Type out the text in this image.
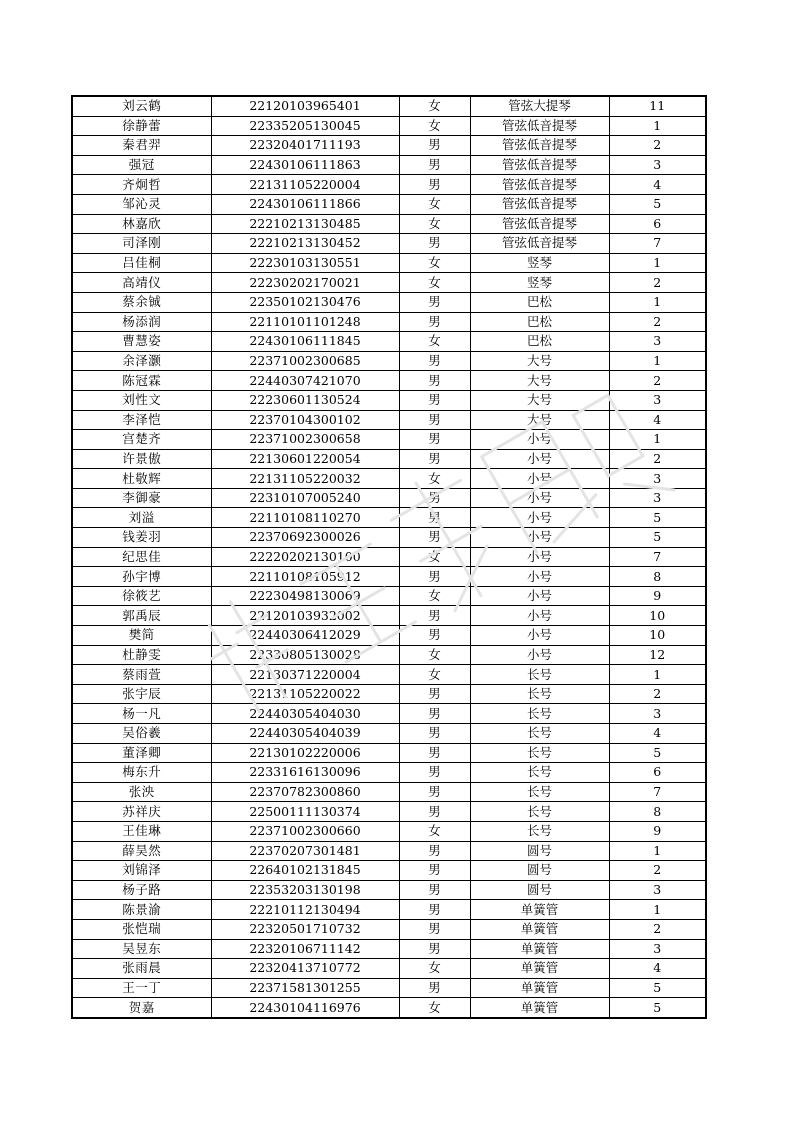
刘云鹤	22120103965401	女	管弦大提琴	11
徐静蕾	22335205130045	女	管弦低音提琴	1
秦君羿	22320401711193	男	管弦低音提琴	2
强冠	22430106111863	男	管弦低音提琴	3
齐炯哲	22131105220004	男	管弦低音提琴	4
邹沁灵	22430106111866	女	管弦低音提琴	5
林嘉欣	22210213130485	女	管弦低音提琴	6
司泽刚	22210213130452	男	管弦低音提琴	7
吕佳桐	22230103130551	女	竖琴	1
高靖仪	22230202170021	女	竖琴	2
蔡余铖	22350102130476	男	巴松	1
杨添润	22110101101248	男	巴松	2
曹慧姿	22430106111845	女	巴松	3
余泽灏	22371002300685	男	大号	1
陈冠霖	22440307421070	男	大号	2
刘性文	22230601130524	男	大号	3
李泽恺	22370104300102	男	大号	4
宫楚齐	22371002300658	男	小号	1
许景傲	22130601220054	男	小号	2
杜敬辉	22131105220032	女	小号	3
李御豪	22310107005240	男	小号	3
刘溢	22110108110270	男	小号	5
钱姜羽	22370692300026	男	小号	5
纪思佳	22220202130100	女	小号	7
孙宇博	22110108105912	男	小号	8
徐筱艺	22230498130069	女	小号	9
郭禹辰	22120103932002	男	小号	10
樊简	22440306412029	男	小号	10
杜静雯	22330805130028	女	小号	12
蔡雨萱	22130371220004	女	长号	1
张宇辰	22131105220022	男	长号	2
杨一凡	22440305404030	男	长号	3
吴俗羲	22440305404039	男	长号	4
董泽卿	22130102220006	男	长号	5
梅东升	22331616130096	男	长号	6
张泱	22370782300860	男	长号	7
苏祥庆	22500111130374	男	长号	8
王佳琳	22371002300660	女	长号	9
薛昊然	22370207301481	男	圆号	1
刘锦泽	22640102131845	男	圆号	2
杨子路	22353203130198	男	圆号	3
陈景渝	22210112130494	男	单簧管	1
张恺瑞	22320501710732	男	单簧管	2
吴昱东	22320106711142	男	单簧管	3
张雨晨	22320413710772	女	单簧管	4
王一丁	22371581301255	男	单簧管	5
贺嘉	22430104116976	女	单簧管	5
